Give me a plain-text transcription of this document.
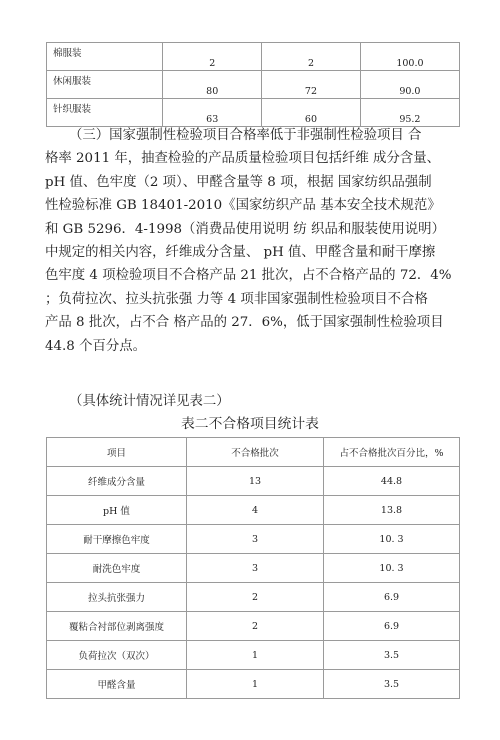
棉服装	2	2	100.0
休闲服装	80	72	90.0
针织服装	63	60	95.2
（三）国家强制性检验项目合格率低于非强制性检验项目 合
格率 2011 年，抽查检验的产品质量检验项目包括纤维 成分含量、
pH 值、色牢度（2 项）、甲醛含量等 8 项，根据 国家纺织品强制
性检验标准 GB 18401-2010《国家纺织产品 基本安全技术规范》
和 GB 5296．4-1998（消费品使用说明 纺 织品和服装使用说明）
中规定的相关内容，纤维成分含量、 pH 值、甲醛含量和耐干摩擦
色牢度 4 项检验项目不合格产品 21 批次，占不合格产品的 72．4%
；负荷拉次、拉头抗张强 力等 4 项非国家强制性检验项目不合格
产品 8 批次，占不合 格产品的 27．6%，低于国家强制性检验项目
44.8 个百分点。
（具体统计情况详见表二）
表二不合格项目统计表
项目	不合格批次	占不合格批次百分比，%
纤维成分含量	13	44.8
pH 值	4	13.8
耐干摩擦色牢度	3	10. 3
耐洗色牢度	3	10. 3
拉头抗张强力	2	6.9
覆粘合衬部位剥离强度	2	6.9
负荷拉次（双次）	1	3.5
甲醛含量	1	3.5
